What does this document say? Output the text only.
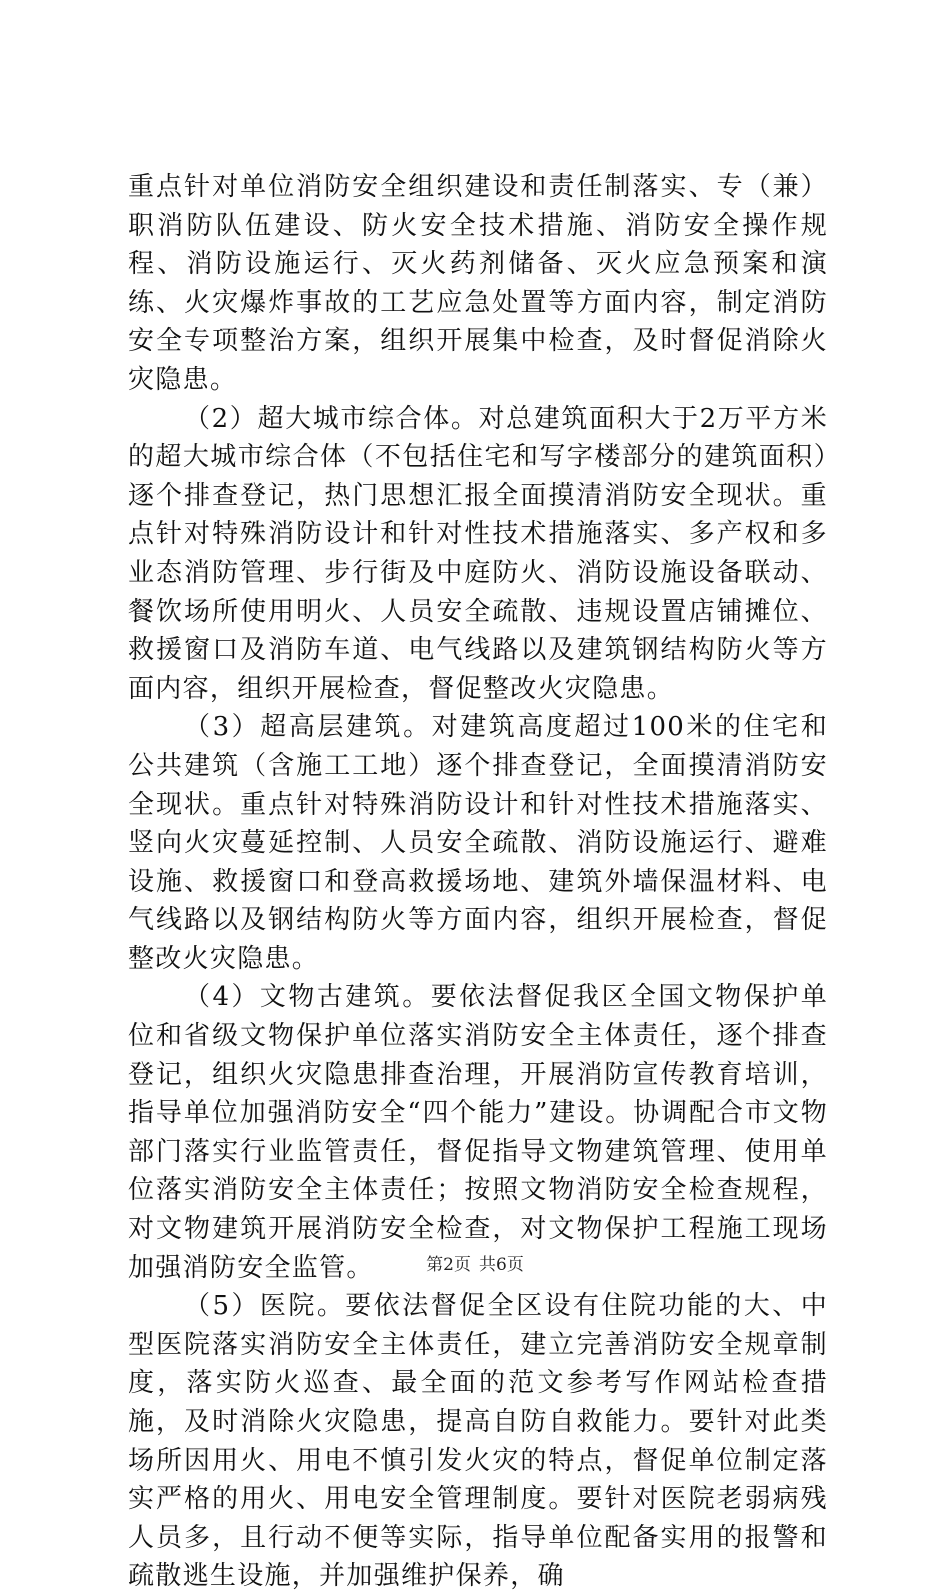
重点针对单位消防安全组织建设和责任制落实、专（兼）职消防队伍建设、防火安全技术措施、消防安全操作规程、消防设施运行、灭火药剂储备、灭火应急预案和演练、火灾爆炸事故的工艺应急处置等方面内容，制定消防安全专项整治方案，组织开展集中检查，及时督促消除火灾隐患。

（2）超大城市综合体。对总建筑面积大于2万平方米的超大城市综合体（不包括住宅和写字楼部分的建筑面积）逐个排查登记，热门思想汇报全面摸清消防安全现状。重点针对特殊消防设计和针对性技术措施落实、多产权和多业态消防管理、步行街及中庭防火、消防设施设备联动、餐饮场所使用明火、人员安全疏散、违规设置店铺摊位、救援窗口及消防车道、电气线路以及建筑钢结构防火等方面内容，组织开展检查，督促整改火灾隐患。

（3）超高层建筑。对建筑高度超过100米的住宅和公共建筑（含施工工地）逐个排查登记，全面摸清消防安全现状。重点针对特殊消防设计和针对性技术措施落实、竖向火灾蔓延控制、人员安全疏散、消防设施运行、避难设施、救援窗口和登高救援场地、建筑外墙保温材料、电气线路以及钢结构防火等方面内容，组织开展检查，督促整改火灾隐患。

（4）文物古建筑。要依法督促我区全国文物保护单位和省级文物保护单位落实消防安全主体责任，逐个排查登记，组织火灾隐患排查治理，开展消防宣传教育培训，指导单位加强消防安全“四个能力”建设。协调配合市文物部门落实行业监管责任，督促指导文物建筑管理、使用单位落实消防安全主体责任；按照文物消防安全检查规程，对文物建筑开展消防安全检查，对文物保护工程施工现场加强消防安全监管。

（5）医院。要依法督促全区设有住院功能的大、中型医院落实消防安全主体责任，建立完善消防安全规章制度，落实防火巡查、最全面的范文参考写作网站检查措施，及时消除火灾隐患，提高自防自救能力。要针对此类场所因用火、用电不慎引发火灾的特点，督促单位制定落实严格的用火、用电安全管理制度。要针对医院老弱病残人员多，且行动不便等实际，指导单位配备实用的报警和疏散逃生设施，并加强维护保养，确

第2页 共6页
